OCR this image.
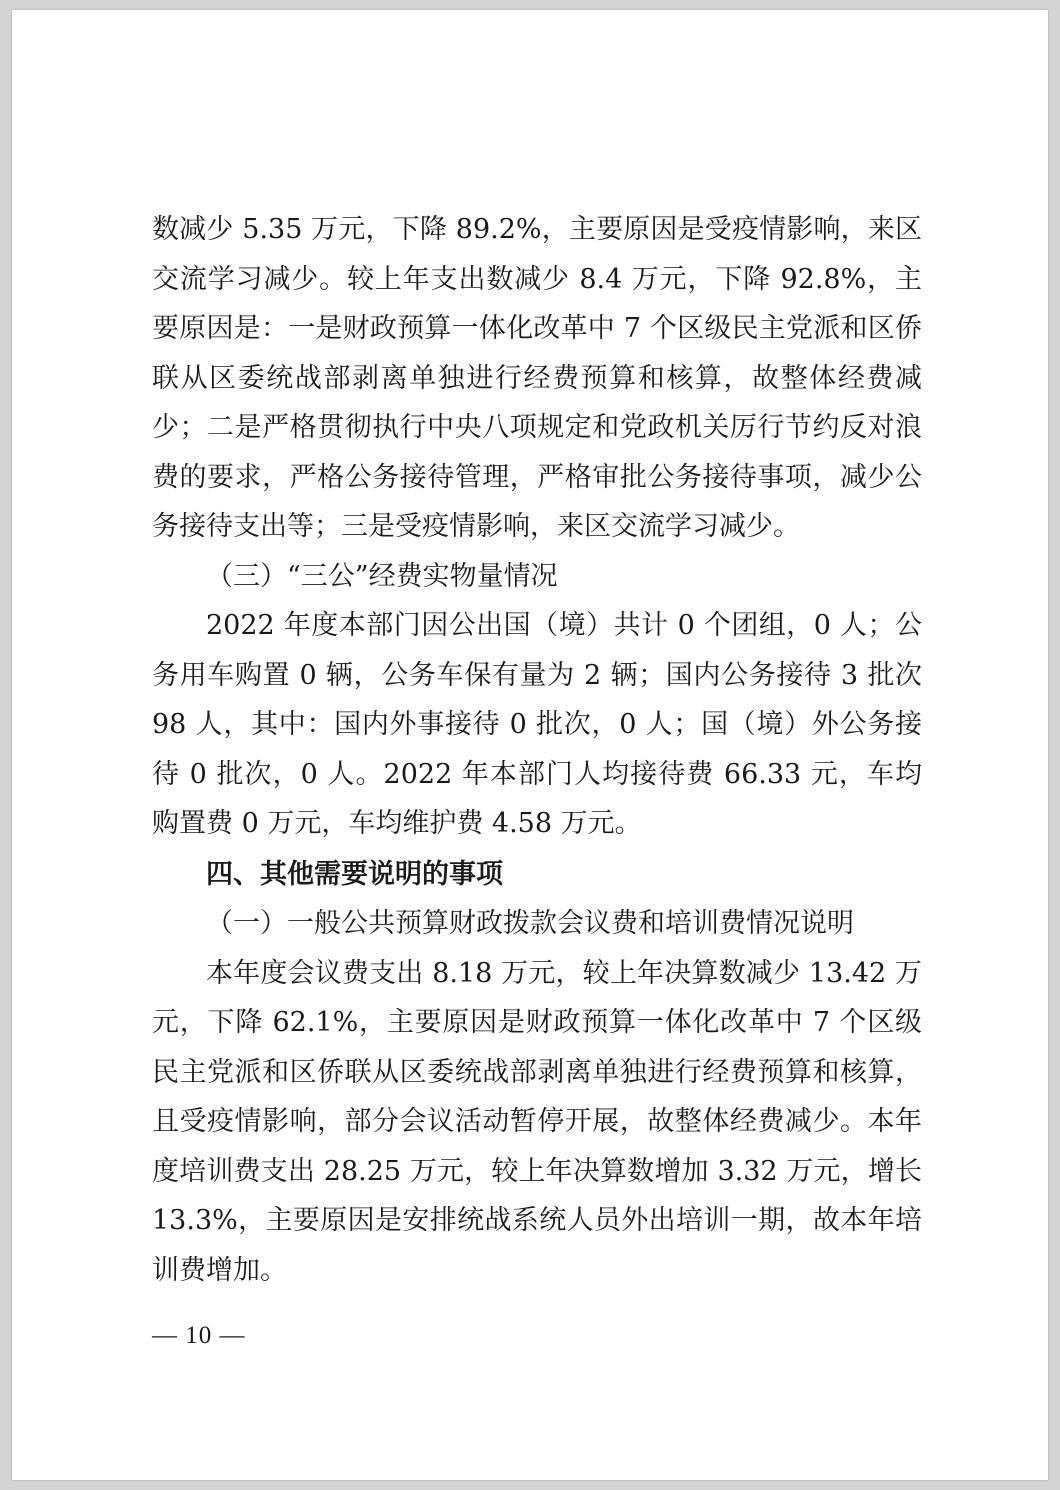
数减少 5.35 万元，下降 89.2%，主要原因是受疫情影响，来区交流学习减少。较上年支出数减少 8.4 万元，下降 92.8%，主要原因是：一是财政预算一体化改革中 7 个区级民主党派和区侨联从区委统战部剥离单独进行经费预算和核算，故整体经费减少；二是严格贯彻执行中央八项规定和党政机关厉行节约反对浪费的要求，严格公务接待管理，严格审批公务接待事项，减少公务接待支出等；三是受疫情影响，来区交流学习减少。

（三）“三公”经费实物量情况

2022 年度本部门因公出国（境）共计 0 个团组，0 人；公务用车购置 0 辆，公务车保有量为 2 辆；国内公务接待 3 批次 98 人，其中：国内外事接待 0 批次，0 人；国（境）外公务接待 0 批次，0 人。2022 年本部门人均接待费 66.33 元，车均购置费 0 万元，车均维护费 4.58 万元。

四、其他需要说明的事项

（一）一般公共预算财政拨款会议费和培训费情况说明

本年度会议费支出 8.18 万元，较上年决算数减少 13.42 万元，下降 62.1%，主要原因是财政预算一体化改革中 7 个区级民主党派和区侨联从区委统战部剥离单独进行经费预算和核算，且受疫情影响，部分会议活动暂停开展，故整体经费减少。本年度培训费支出 28.25 万元，较上年决算数增加 3.32 万元，增长 13.3%，主要原因是安排统战系统人员外出培训一期，故本年培训费增加。

— 10 —
